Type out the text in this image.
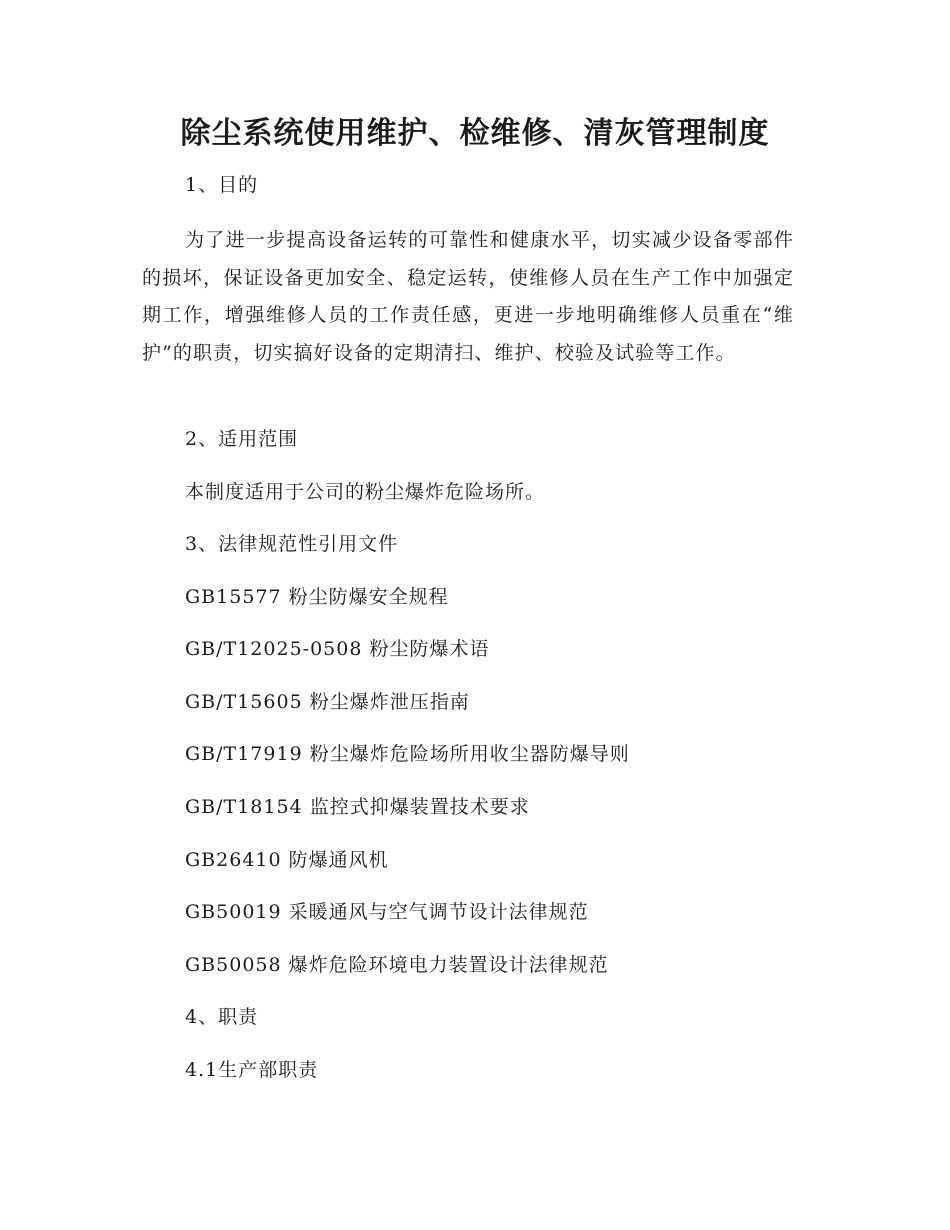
除尘系统使用维护、检维修、清灰管理制度
1、目的
为了进一步提高设备运转的可靠性和健康水平，切实减少设备零部件的损坏，保证设备更加安全、稳定运转，使维修人员在生产工作中加强定期工作，增强维修人员的工作责任感，更进一步地明确维修人员重在“维护”的职责，切实搞好设备的定期清扫、维护、校验及试验等工作。
2、适用范围
本制度适用于公司的粉尘爆炸危险场所。
3、法律规范性引用文件
GB15577 粉尘防爆安全规程
GB/T12025-0508 粉尘防爆术语
GB/T15605 粉尘爆炸泄压指南
GB/T17919 粉尘爆炸危险场所用收尘器防爆导则
GB/T18154 监控式抑爆装置技术要求
GB26410 防爆通风机
GB50019 采暖通风与空气调节设计法律规范
GB50058 爆炸危险环境电力装置设计法律规范
4、职责
4.1生产部职责
